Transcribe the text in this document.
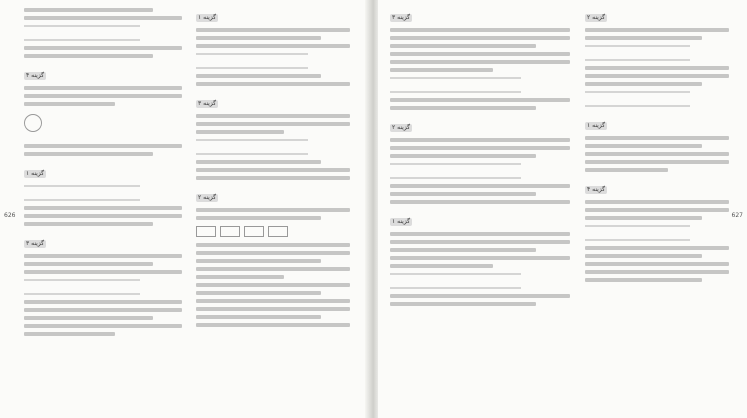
گزینه ۱
گزینه ۳
گزینه ۲
گزینه ۴
گزینه ۱
گزینه ۳
626
گزینه ۲
گزینه ۱
گزینه ۴
گزینه ۳
گزینه ۲
گزینه ۱
627
